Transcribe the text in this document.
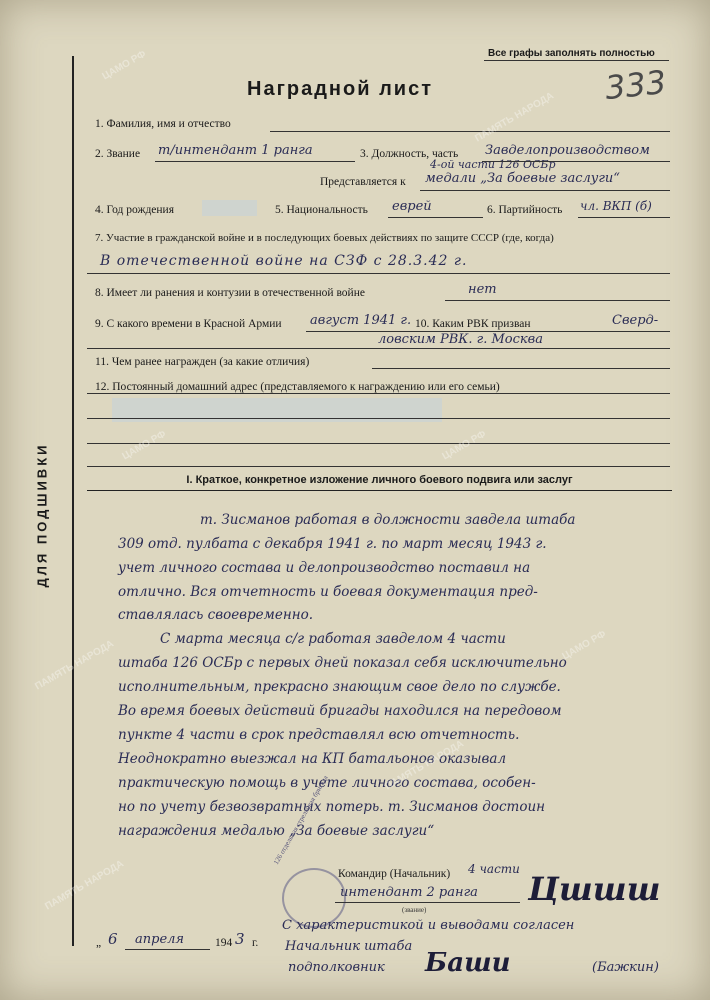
Все графы заполнять полностью
Наградной лист	333
ДЛЯ ПОДШИВКИ
1. Фамилия, имя и отчество
2. Звание т/интендант 1 ранга	3. Должность, часть Завделопроизводством
4-ой части 126 ОСБр
Представляется к медали „За боевые заслуги“
4. Год рождения	5. Национальность еврей	6. Партийность чл. ВКП (б)
7. Участие в гражданской войне и в последующих боевых действиях по защите СССР (где, когда)
В отечественной войне на СЗФ с 28.3.42 г.
8. Имеет ли ранения и контузии в отечественной войне	нет
9. С какого времени в Красной Армии август 1941 г. 10. Каким РВК призван	Сверд-
ловским РВК. г. Москва
11. Чем ранее награжден (за какие отличия)
12. Постоянный домашний адрес (представляемого к награждению или его семьи)
I. Краткое, конкретное изложение личного боевого подвига или заслуг
т. Зисманов работая в должности завдела штаба
309 отд. пулбата с декабря 1941 г. по март месяц 1943 г.
учет личного состава и делопроизводство поставил на
отлично. Вся отчетность и боевая документация пред-
ставлялась своевременно.
С марта месяца с/г работая завделом 4 части
штаба 126 ОСБр с первых дней показал себя исключительно
исполнительным, прекрасно знающим свое дело по службе.
Во время боевых действий бригады находился на передовом
пункте 4 части в срок представлял всю отчетность.
Неоднократно выезжал на КП батальонов оказывал
практическую помощь в учете личного состава, особен-
но по учету безвозвратных потерь. т. Зисманов достоин
награждения медалью „За боевые заслуги“
126 отдельная стрелковая бригада
Командир (Начальник) 4 части
интендант 2 ранга
(звание)
Цшшш
С характеристикой и выводами согласен
Начальник штаба
подполковник Баши	(Бажкин)
„ 6 апреля	194 3 г.
ЦАМО РФ
ПАМЯТЬ НАРОДА
ЦАМО РФ	ЦАМО РФ
ПАМЯТЬ НАРОДА	ЦАМО РФ
ПАМЯТЬ НАРОДА
ПАМЯТЬ НАРОДА
